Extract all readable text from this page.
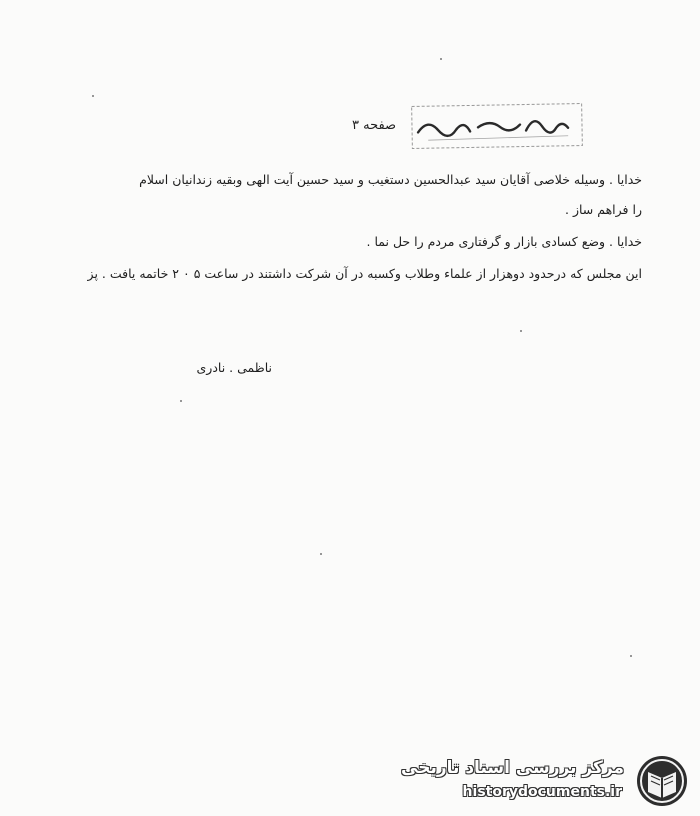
صفحه ۳
خدایا . وسیله خلاصی آقایان سید عبدالحسین دستغیب و سید حسین آیت الهی وبقیه زندانیان اسلام
را فراهم ساز .
خدایا . وضع کسادی بازار و گرفتاری مردم را حل نما .
این مجلس که درحدود دوهزار از علماء وطلاب وکسبه در آن شرکت داشتند در ساعت ۵ ۰ ۲ خاتمه یافت . پز
ناظمی . نادری
مرکز بررسی اسناد تاریخی
historydocuments.ir
